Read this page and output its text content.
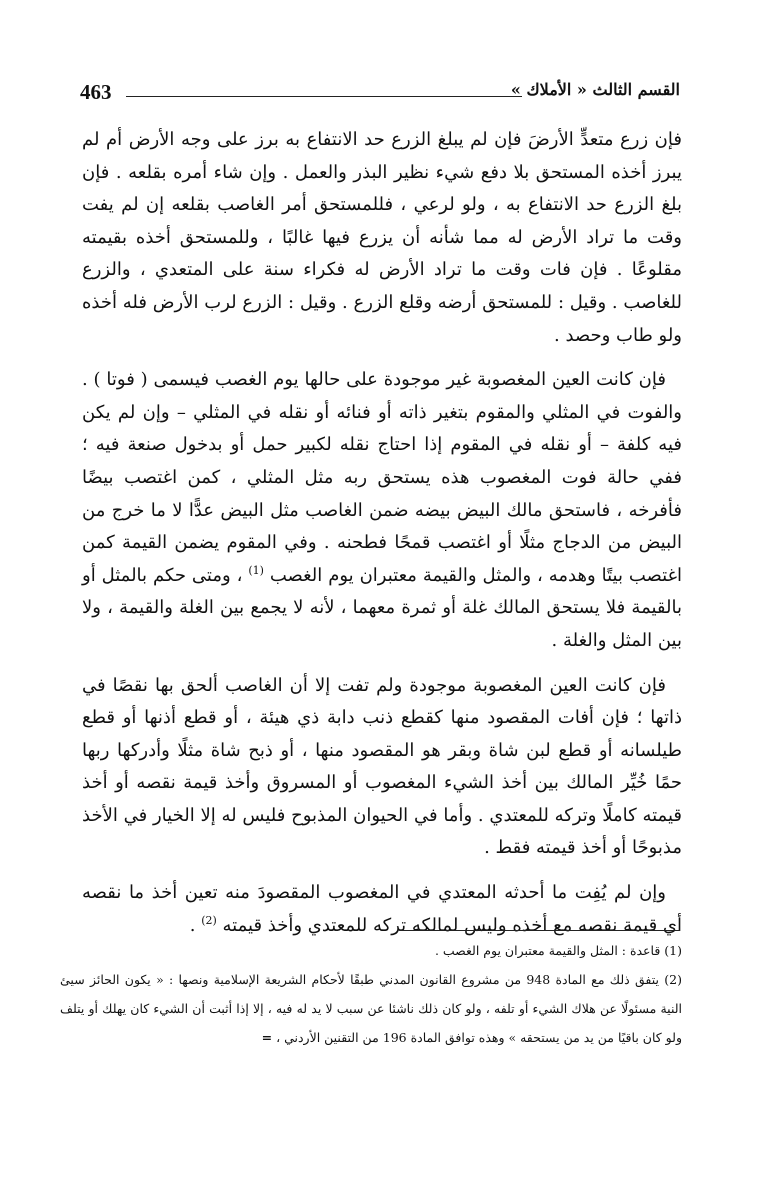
463	القسم الثالث « الأملاك »

فإن زرع متعدٍّ الأرضَ فإن لم يبلغ الزرع حد الانتفاع به برز على وجه الأرض أم لم يبرز أخذه المستحق بلا دفع شيء نظير البذر والعمل . وإن شاء أمره بقلعه . فإن بلغ الزرع حد الانتفاع به ، ولو لرعي ، فللمستحق أمر الغاصب بقلعه إن لم يفت وقت ما تراد الأرض له مما شأنه أن يزرع فيها غالبًا ، وللمستحق أخذه بقيمته مقلوعًا . فإن فات وقت ما تراد الأرض له فكراء سنة على المتعدي ، والزرع للغاصب . وقيل : للمستحق أرضه وقلع الزرع . وقيل : الزرع لرب الأرض فله أخذه ولو طاب وحصد .

فإن كانت العين المغصوبة غير موجودة على حالها يوم الغصب فيسمى ( فوتا ) . والفوت في المثلي والمقوم بتغير ذاته أو فنائه أو نقله في المثلي – وإن لم يكن فيه كلفة – أو نقله في المقوم إذا احتاج نقله لكبير حمل أو بدخول صنعة فيه ؛ ففي حالة فوت المغصوب هذه يستحق ربه مثل المثلي ، كمن اغتصب بيضًا فأفرخه ، فاستحق مالك البيض بيضه ضمن الغاصب مثل البيض عدًّا لا ما خرج من البيض من الدجاج مثلًا أو اغتصب قمحًا فطحنه . وفي المقوم يضمن القيمة كمن اغتصب بيتًا وهدمه ، والمثل والقيمة معتبران يوم الغصب $^{(1)}$ ، ومتى حكم بالمثل أو بالقيمة فلا يستحق المالك غلة أو ثمرة معهما ، لأنه لا يجمع بين الغلة والقيمة ، ولا بين المثل والغلة .

فإن كانت العين المغصوبة موجودة ولم تفت إلا أن الغاصب ألحق بها نقصًا في ذاتها ؛ فإن أفات المقصود منها كقطع ذنب دابة ذي هيئة ، أو قطع أذنها أو قطع طيلسانه أو قطع لبن شاة وبقر هو المقصود منها ، أو ذبح شاة مثلًا وأدركها ربها حمًا خُيِّر المالك بين أخذ الشيء المغصوب أو المسروق وأخذ قيمة نقصه أو أخذ قيمته كاملًا وتركه للمعتدي . وأما في الحيوان المذبوح فليس له إلا الخيار في الأخذ مذبوحًا أو أخذ قيمته فقط .

وإن لم يُفِت ما أحدثه المعتدي في المغصوب المقصودَ منه تعين أخذ ما نقصه أي قيمة نقصه مع أخذه وليس لمالكه تركه للمعتدي وأخذ قيمته $^{(2)}$ .

(1) قاعدة : المثل والقيمة معتبران يوم الغصب .

(2) يتفق ذلك مع المادة 948 من مشروع القانون المدني طبقًا لأحكام الشريعة الإسلامية ونصها : « يكون الحائز سيئ النية مسئولًا عن هلاك الشيء أو تلفه ، ولو كان ذلك ناشئا عن سبب لا يد له فيه ، إلا إذا أثبت أن الشيء كان يهلك أو يتلف ولو كان باقيًا من يد من يستحقه » وهذه توافق المادة 196 من التقنين الأردني ، =
